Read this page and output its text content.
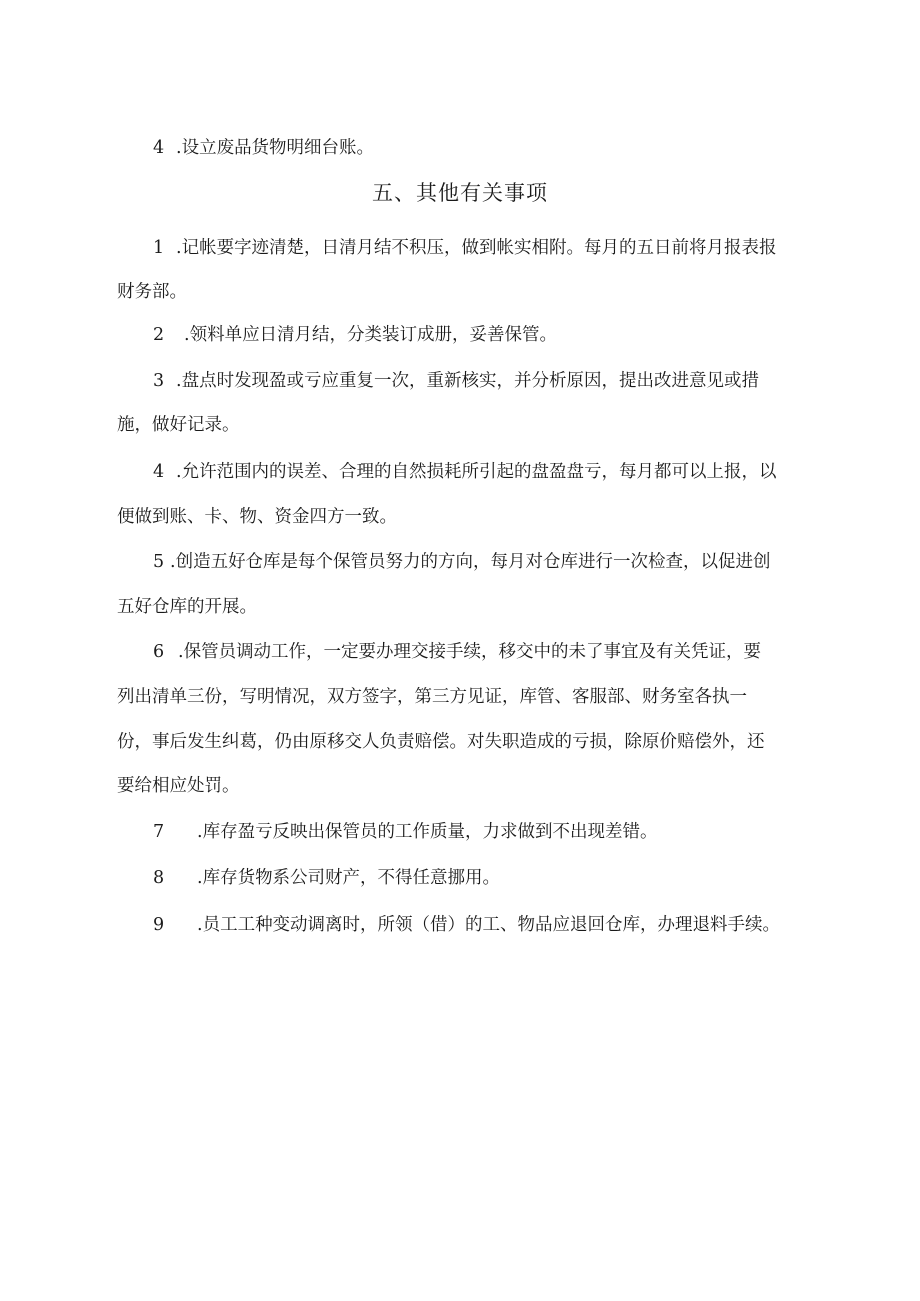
4 .设立废品货物明细台账。
五、其他有关事项
1 .记帐要字迹清楚，日清月结不积压，做到帐实相附。每月的五日前将月报表报
财务部。
2 .领料单应日清月结，分类装订成册，妥善保管。
3 .盘点时发现盈或亏应重复一次，重新核实，并分析原因，提出改进意见或措
施，做好记录。
4 .允许范围内的误差、合理的自然损耗所引起的盘盈盘亏，每月都可以上报，以
便做到账、卡、物、资金四方一致。
5 .创造五好仓库是每个保管员努力的方向，每月对仓库进行一次检查，以促进创
五好仓库的开展。
6 .保管员调动工作，一定要办理交接手续，移交中的未了事宜及有关凭证，要
列出清单三份，写明情况，双方签字，第三方见证，库管、客服部、财务室各执一
份，事后发生纠葛，仍由原移交人负责赔偿。对失职造成的亏损，除原价赔偿外，还
要给相应处罚。
7 .库存盈亏反映出保管员的工作质量，力求做到不出现差错。
8 .库存货物系公司财产，不得任意挪用。
9 .员工工种变动调离时，所领（借）的工、物品应退回仓库，办理退料手续。
